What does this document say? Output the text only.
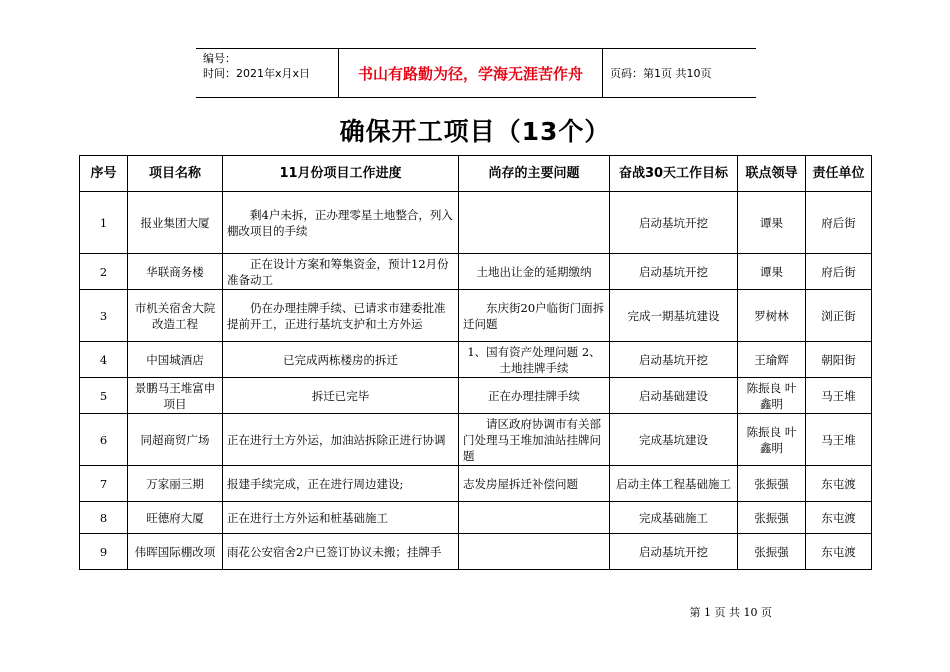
编号：
时间：2021年x月x日	书山有路勤为径，学海无涯苦作舟	页码：第1页 共10页
确保开工项目（13个）
序号	项目名称	11月份项目工作进度	尚存的主要问题	奋战30天工作目标	联点领导	责任单位
1	报业集团大厦	剩4户未拆，正办理零星土地整合，列入棚改项目的手续		启动基坑开挖	谭果	府后街
2	华联商务楼	正在设计方案和筹集资金，预计12月份准备动工	土地出让金的延期缴纳	启动基坑开挖	谭果	府后街
3	市机关宿舍大院改造工程	仍在办理挂牌手续、已请求市建委批准提前开工，正进行基坑支护和土方外运	东庆街20户临街门面拆迁问题	完成一期基坑建设	罗树林	浏正街
4	中国城酒店	已完成两栋楼房的拆迁	1、国有资产处理问题 2、土地挂牌手续	启动基坑开挖	王瑜辉	朝阳街
5	景鹏马王堆富申项目	拆迁已完毕	正在办理挂牌手续	启动基础建设	陈振良 叶鑫明	马王堆
6	同超商贸广场	正在进行土方外运，加油站拆除正进行协调	请区政府协调市有关部门处理马王堆加油站挂牌问题	完成基坑建设	陈振良 叶鑫明	马王堆
7	万家丽三期	报建手续完成，正在进行周边建设;	志发房屋拆迁补偿问题	启动主体工程基础施工	张振强	东屯渡
8	旺德府大厦	正在进行土方外运和桩基础施工		完成基础施工	张振强	东屯渡
9	伟晖国际棚改项	雨花公安宿舍2户已签订协议未搬；挂牌手		启动基坑开挖	张振强	东屯渡
第 1 页 共 10 页
